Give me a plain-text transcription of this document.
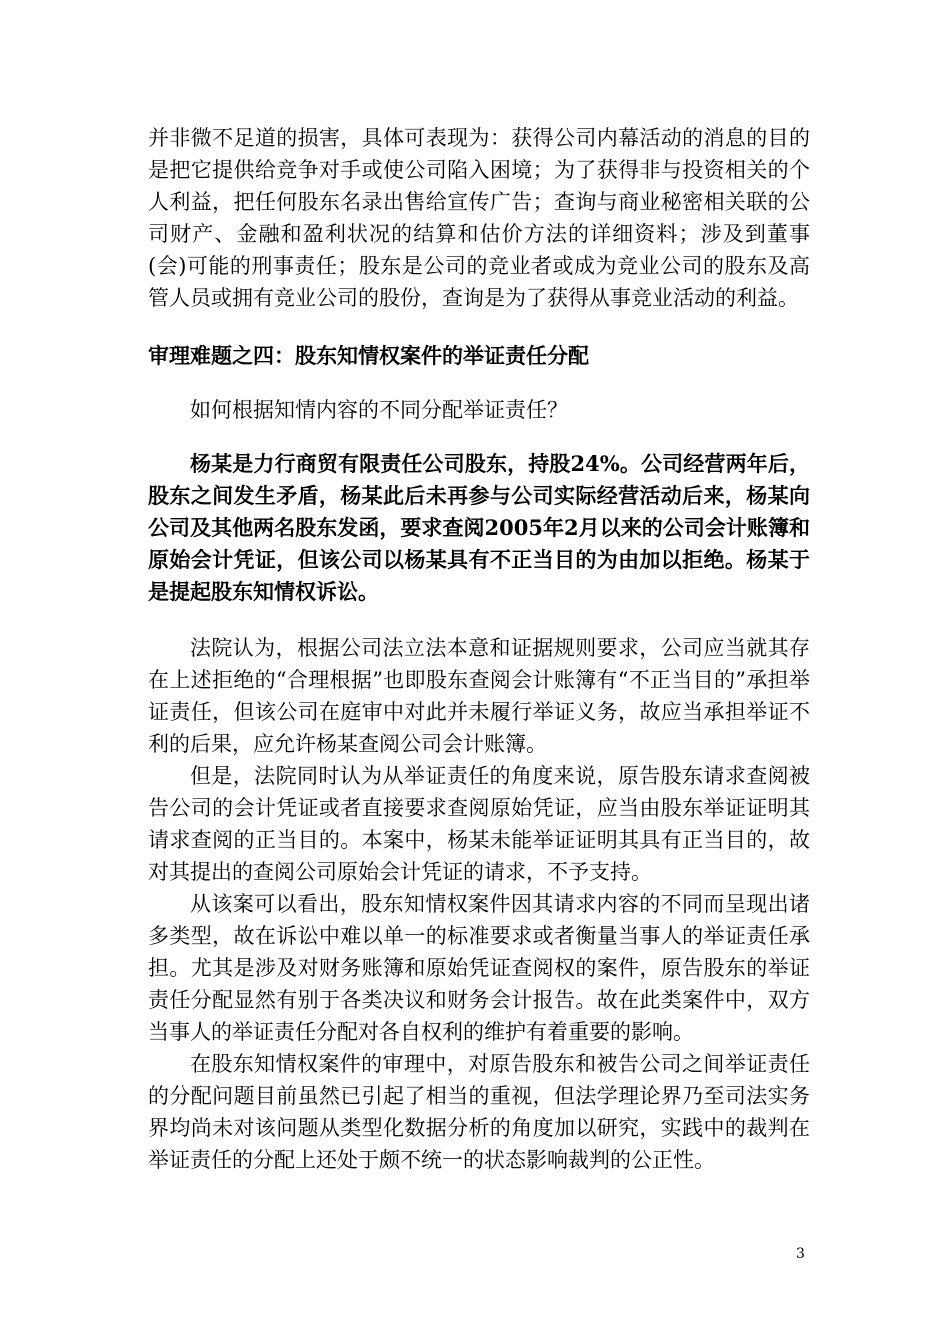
并非微不足道的损害，具体可表现为：获得公司内幕活动的消息的目的是把它提供给竞争对手或使公司陷入困境；为了获得非与投资相关的个人利益，把任何股东名录出售给宣传广告；查询与商业秘密相关联的公司财产、金融和盈利状况的结算和估价方法的详细资料；涉及到董事(会)可能的刑事责任；股东是公司的竞业者或成为竞业公司的股东及高管人员或拥有竞业公司的股份，查询是为了获得从事竞业活动的利益。

审理难题之四：股东知情权案件的举证责任分配

如何根据知情内容的不同分配举证责任？

杨某是力行商贸有限责任公司股东，持股24%。公司经营两年后，股东之间发生矛盾，杨某此后未再参与公司实际经营活动后来，杨某向公司及其他两名股东发函，要求查阅2005年2月以来的公司会计账簿和原始会计凭证，但该公司以杨某具有不正当目的为由加以拒绝。杨某于是提起股东知情权诉讼。

法院认为，根据公司法立法本意和证据规则要求，公司应当就其存在上述拒绝的“合理根据”也即股东查阅会计账簿有“不正当目的”承担举证责任，但该公司在庭审中对此并未履行举证义务，故应当承担举证不利的后果，应允许杨某查阅公司会计账簿。

但是，法院同时认为从举证责任的角度来说，原告股东请求查阅被告公司的会计凭证或者直接要求查阅原始凭证，应当由股东举证证明其请求查阅的正当目的。本案中，杨某未能举证证明其具有正当目的，故对其提出的查阅公司原始会计凭证的请求，不予支持。

从该案可以看出，股东知情权案件因其请求内容的不同而呈现出诸多类型，故在诉讼中难以单一的标准要求或者衡量当事人的举证责任承担。尤其是涉及对财务账簿和原始凭证查阅权的案件，原告股东的举证责任分配显然有别于各类决议和财务会计报告。故在此类案件中，双方当事人的举证责任分配对各自权利的维护有着重要的影响。

在股东知情权案件的审理中，对原告股东和被告公司之间举证责任的分配问题目前虽然已引起了相当的重视，但法学理论界乃至司法实务界均尚未对该问题从类型化数据分析的角度加以研究，实践中的裁判在举证责任的分配上还处于颇不统一的状态影响裁判的公正性。

3
